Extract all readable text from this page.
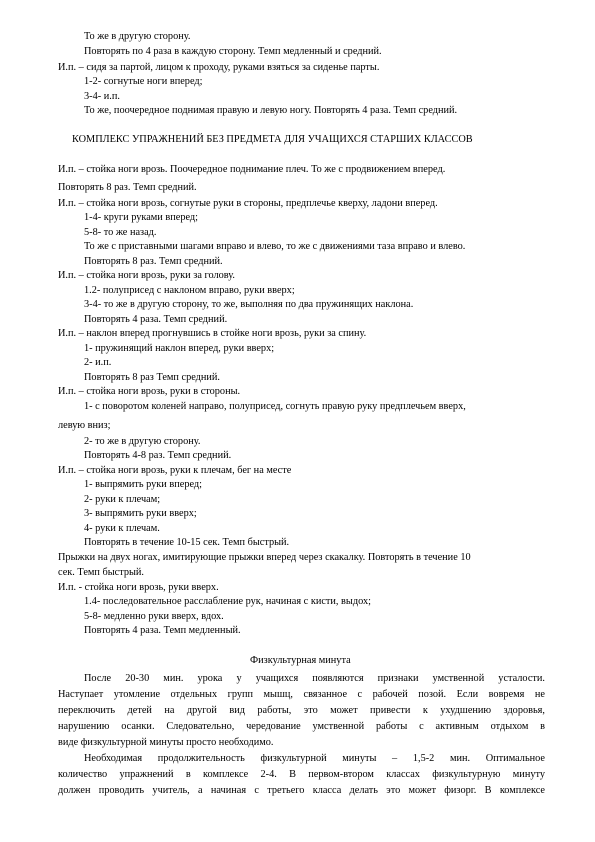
То же в другую сторону.
Повторять по 4 раза в каждую сторону. Темп медленный и средний.
И.п. – сидя за партой, лицом к проходу, руками взяться за сиденье парты.
1-2- согнутые ноги вперед;
3-4- и.п.
То же, поочередное поднимая правую и левую ногу. Повторять 4 раза. Темп средний.
КОМПЛЕКС УПРАЖНЕНИЙ БЕЗ ПРЕДМЕТА ДЛЯ УЧАЩИХСЯ СТАРШИХ КЛАССОВ
И.п. – стойка ноги врозь. Поочередное поднимание плеч. То же с продвижением вперед.
Повторять 8 раз. Темп средний.
И.п. – стойка ноги врозь, согнутые руки в стороны, предплечье кверху, ладони вперед.
1-4- круги руками вперед;
5-8- то же назад.
То же с приставными шагами вправо и влево, то же с движениями таза вправо и влево.
Повторять 8 раз. Темп средний.
И.п. – стойка ноги врозь, руки за голову.
1.2- полуприсед с наклоном вправо, руки вверх;
3-4- то же в другую сторону, то же, выполняя по два пружинящих наклона.
Повторять 4 раза. Темп средний.
И.п. – наклон вперед прогнувшись в стойке ноги врозь, руки за спину.
1- пружинящий наклон вперед, руки вверх;
2- и.п.
Повторять 8 раз Темп средний.
И.п. – стойка ноги врозь, руки в стороны.
1- с поворотом коленей направо, полуприсед, согнуть правую руку предплечьем вверх,
левую вниз;
2- то же в другую сторону.
Повторять 4-8 раз. Темп средний.
И.п. – стойка ноги врозь, руки к плечам, бег на месте
1- выпрямить руки вперед;
2- руки к плечам;
3- выпрямить руки вверх;
4- руки к плечам.
Повторять в течение 10-15 сек. Темп быстрый.
Прыжки на двух ногах, имитирующие прыжки вперед через скакалку. Повторять в течение 10
сек. Темп быстрый.
И.п. - стойка ноги врозь, руки вверх.
1.4- последовательное расслабление рук, начиная с кисти, выдох;
5-8- медленно руки вверх, вдох.
Повторять 4 раза. Темп медленный.
Физкультурная минута
После 20-30 мин. урока у учащихся появляются признаки умственной усталости.
Наступает утомление отдельных групп мышц, связанное с рабочей позой. Если вовремя не
переключить детей на другой вид работы, это может привести к ухудшению здоровья,
нарушению осанки. Следовательно, чередование умственной работы с активным отдыхом в
виде физкультурной минуты просто необходимо.
Необходимая продолжительность физкультурной минуты – 1,5-2 мин. Оптимальное
количество упражнений в комплексе 2-4. В первом-втором классах физкультурную минуту
должен проводить учитель, а начиная с третьего класса делать это может физорг. В комплексе
